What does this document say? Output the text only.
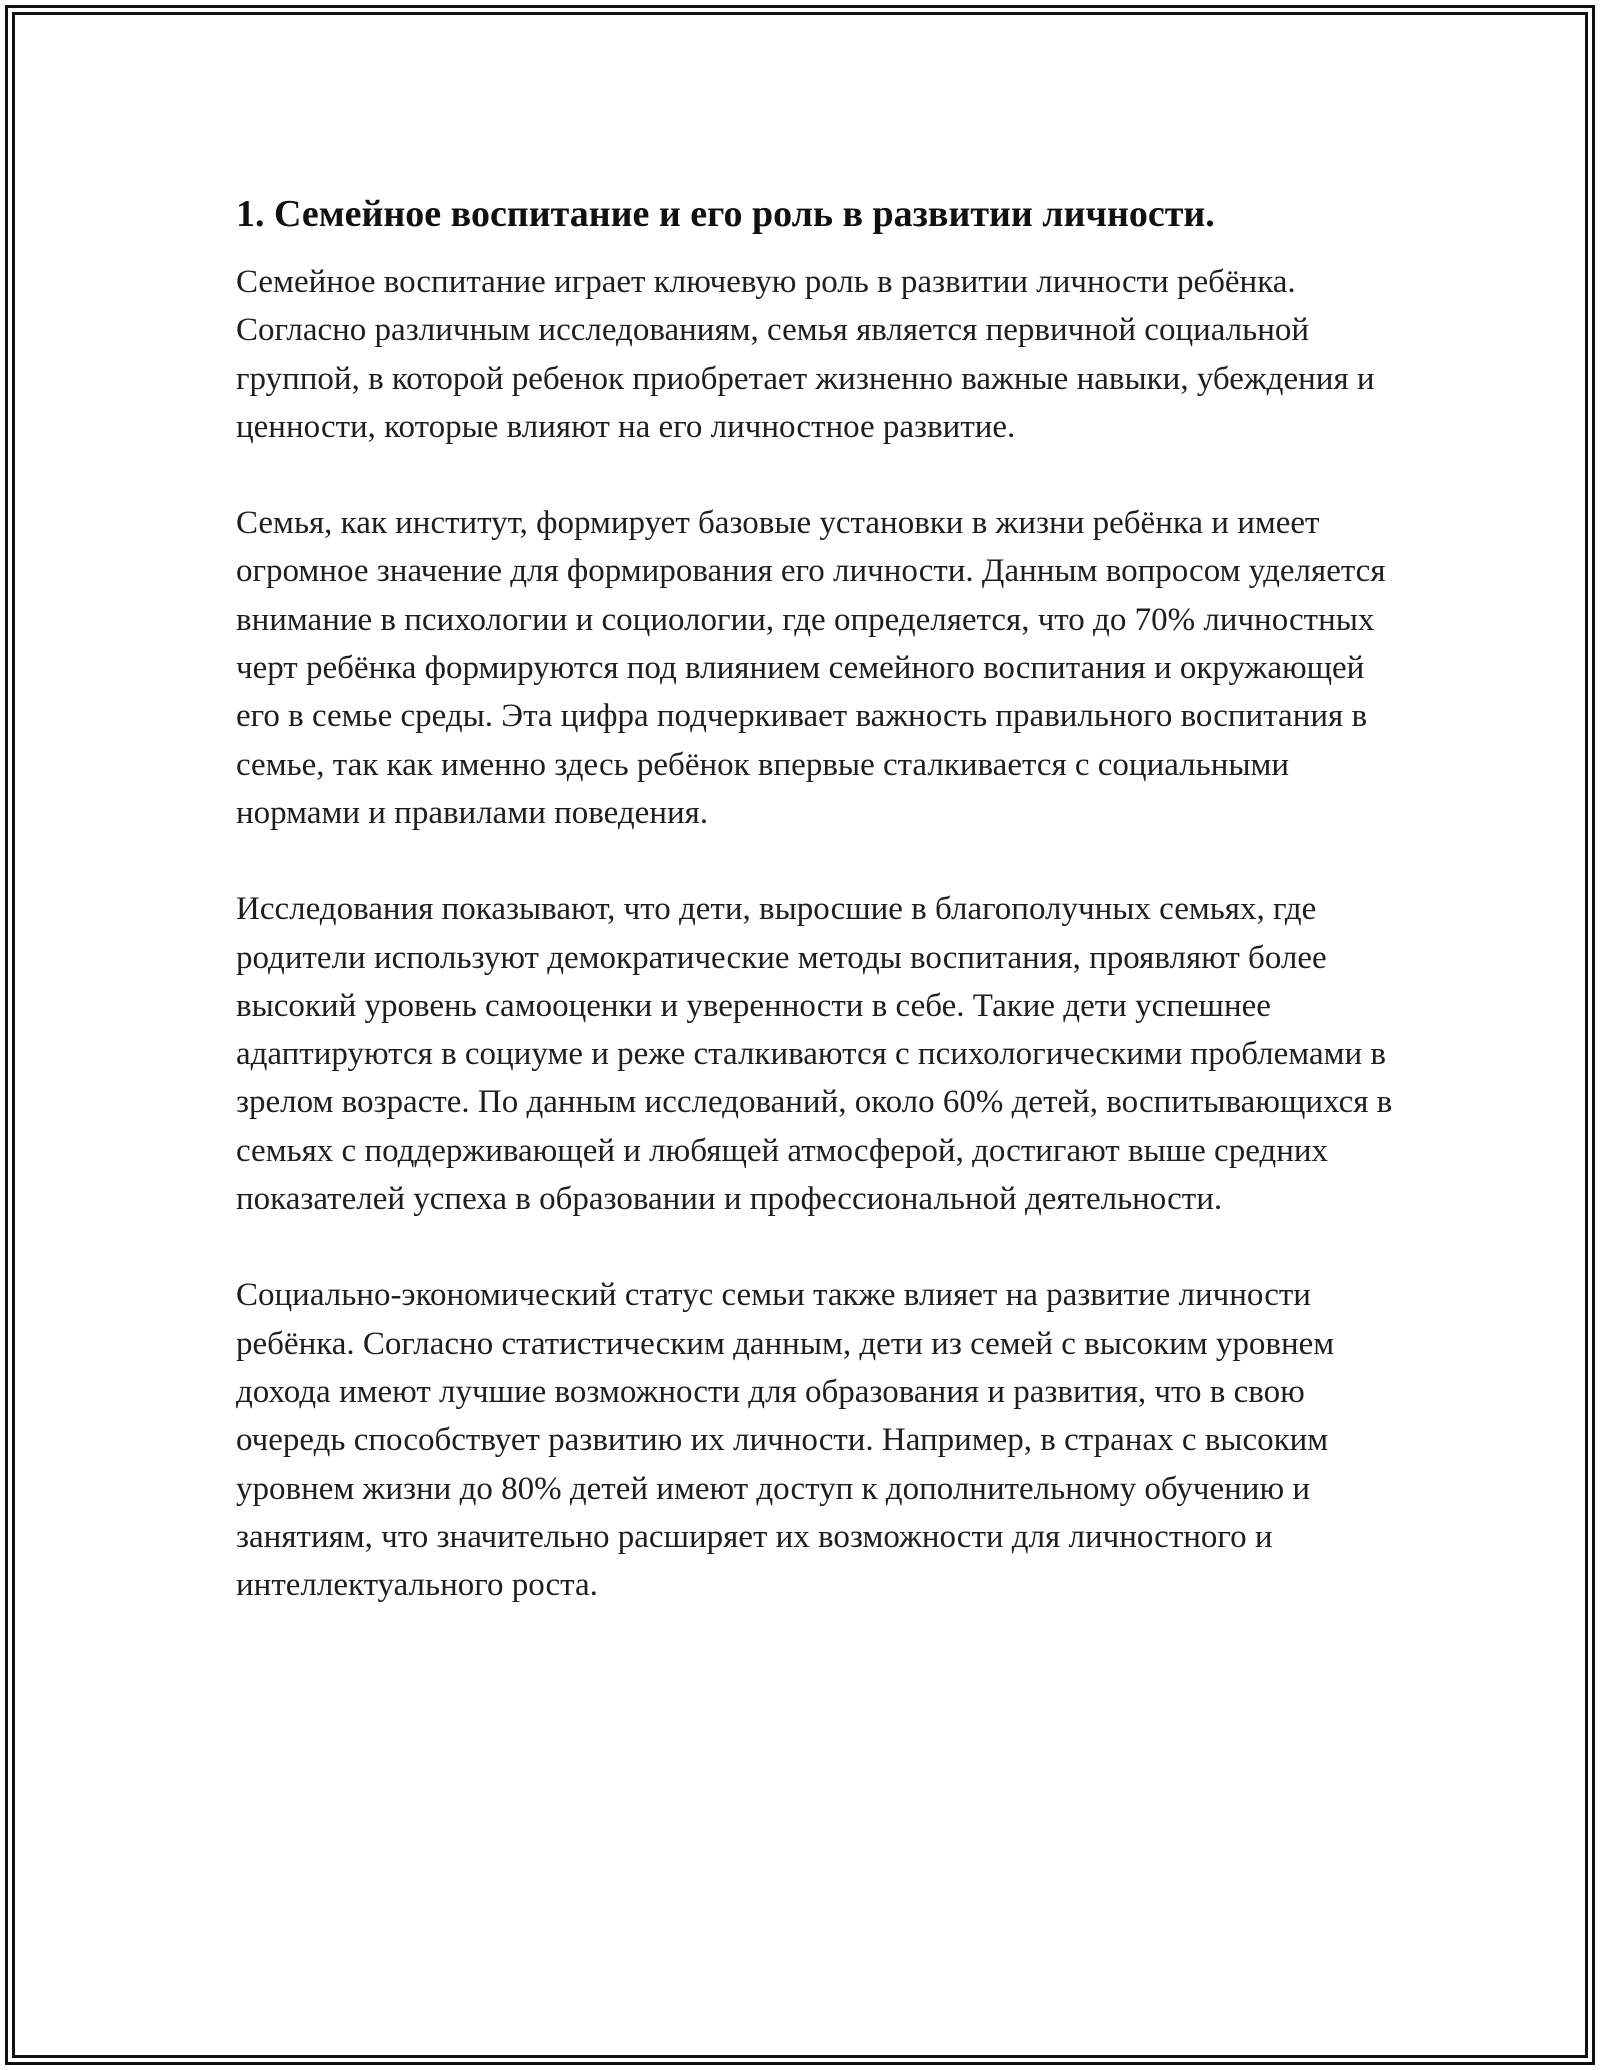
1. Семейное воспитание и его роль в развитии личности.

Семейное воспитание играет ключевую роль в развитии личности ребёнка. Согласно различным исследованиям, семья является первичной социальной группой, в которой ребенок приобретает жизненно важные навыки, убеждения и ценности, которые влияют на его личностное развитие.

Семья, как институт, формирует базовые установки в жизни ребёнка и имеет огромное значение для формирования его личности. Данным вопросом уделяется внимание в психологии и социологии, где определяется, что до 70% личностных черт ребёнка формируются под влиянием семейного воспитания и окружающей его в семье среды. Эта цифра подчеркивает важность правильного воспитания в семье, так как именно здесь ребёнок впервые сталкивается с социальными нормами и правилами поведения.

Исследования показывают, что дети, выросшие в благополучных семьях, где родители используют демократические методы воспитания, проявляют более высокий уровень самооценки и уверенности в себе. Такие дети успешнее адаптируются в социуме и реже сталкиваются с психологическими проблемами в зрелом возрасте. По данным исследований, около 60% детей, воспитывающихся в семьях с поддерживающей и любящей атмосферой, достигают выше средних показателей успеха в образовании и профессиональной деятельности.

Социально-экономический статус семьи также влияет на развитие личности ребёнка. Согласно статистическим данным, дети из семей с высоким уровнем дохода имеют лучшие возможности для образования и развития, что в свою очередь способствует развитию их личности. Например, в странах с высоким уровнем жизни до 80% детей имеют доступ к дополнительному обучению и занятиям, что значительно расширяет их возможности для личностного и интеллектуального роста.
